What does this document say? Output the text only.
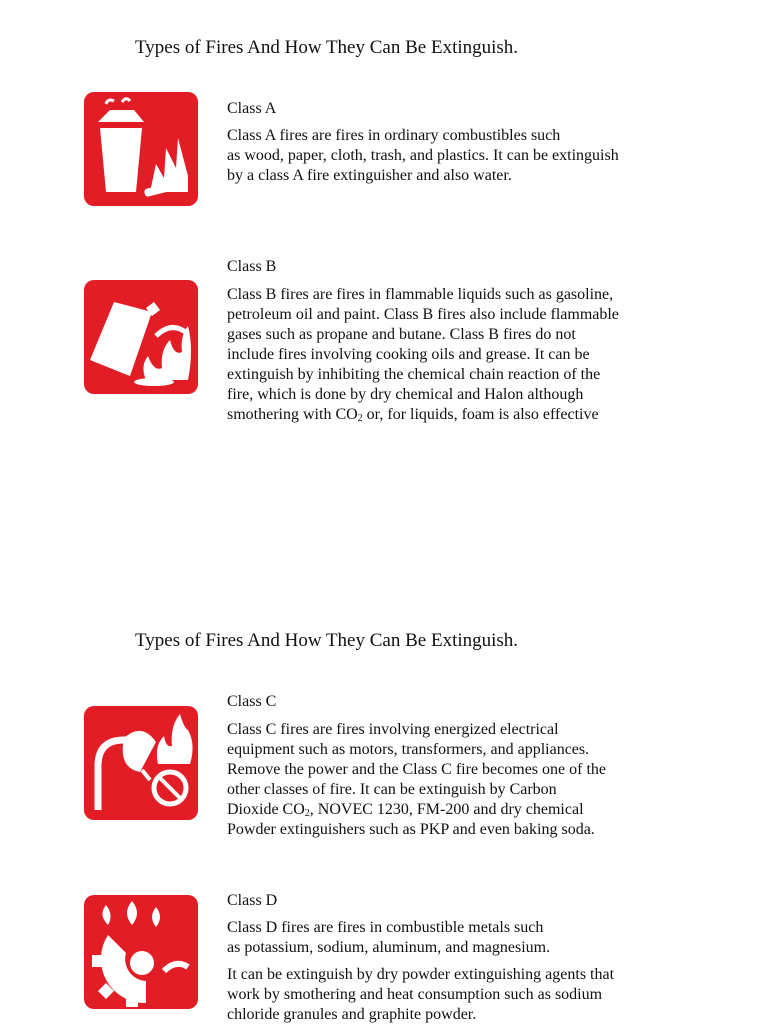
Types of Fires And How They Can Be Extinguish.
Class A

Class A fires are fires in ordinary combustibles such
as wood, paper, cloth, trash, and plastics. It can be extinguish
by a class A fire extinguisher and also water.

Class B

Class B fires are fires in flammable liquids such as gasoline,
petroleum oil and paint. Class B fires also include flammable
gases such as propane and butane. Class B fires do not
include fires involving cooking oils and grease. It can be
extinguish by inhibiting the chemical chain reaction of the
fire, which is done by dry chemical and Halon although
smothering with $CO_2$ or, for liquids, foam is also effective

Types of Fires And How They Can Be Extinguish.
Class C

Class C fires are fires involving energized electrical
equipment such as motors, transformers, and appliances.
Remove the power and the Class C fire becomes one of the
other classes of fire. It can be extinguish by Carbon
Dioxide $CO_2$, NOVEC 1230, FM-200 and dry chemical
Powder extinguishers such as PKP and even baking soda.

Class D

Class D fires are fires in combustible metals such
as potassium, sodium, aluminum, and magnesium.

It can be extinguish by dry powder extinguishing agents that
work by smothering and heat consumption such as sodium
chloride granules and graphite powder.
